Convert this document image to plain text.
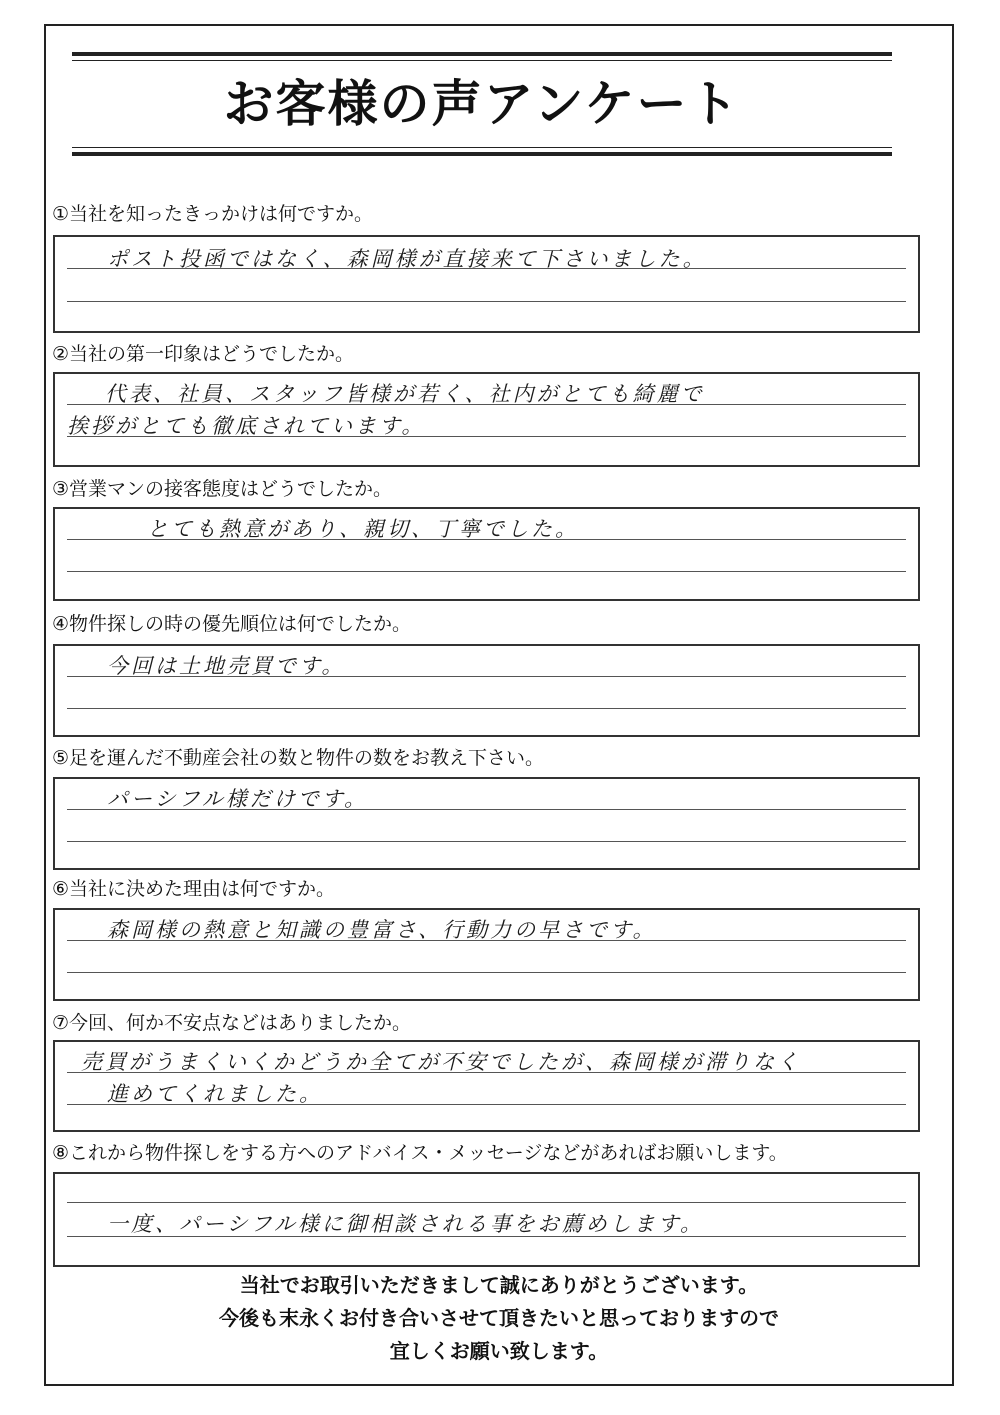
お客様の声アンケート
①当社を知ったきっかけは何ですか。
ポスト投函ではなく、森岡様が直接来て下さいました。
②当社の第一印象はどうでしたか。
代表、社員、スタッフ皆様が若く、社内がとても綺麗で
挨拶がとても徹底されています。
③営業マンの接客態度はどうでしたか。
とても熱意があり、親切、丁寧でした。
④物件探しの時の優先順位は何でしたか。
今回は土地売買です。
⑤足を運んだ不動産会社の数と物件の数をお教え下さい。
パーシフル様だけです。
⑥当社に決めた理由は何ですか。
森岡様の熱意と知識の豊富さ、行動力の早さです。
⑦今回、何か不安点などはありましたか。
売買がうまくいくかどうか全てが不安でしたが、森岡様が滞りなく
進めてくれました。
⑧これから物件探しをする方へのアドバイス・メッセージなどがあればお願いします。
一度、パーシフル様に御相談される事をお薦めします。
当社でお取引いただきまして誠にありがとうございます。
今後も末永くお付き合いさせて頂きたいと思っておりますので
宜しくお願い致します。
